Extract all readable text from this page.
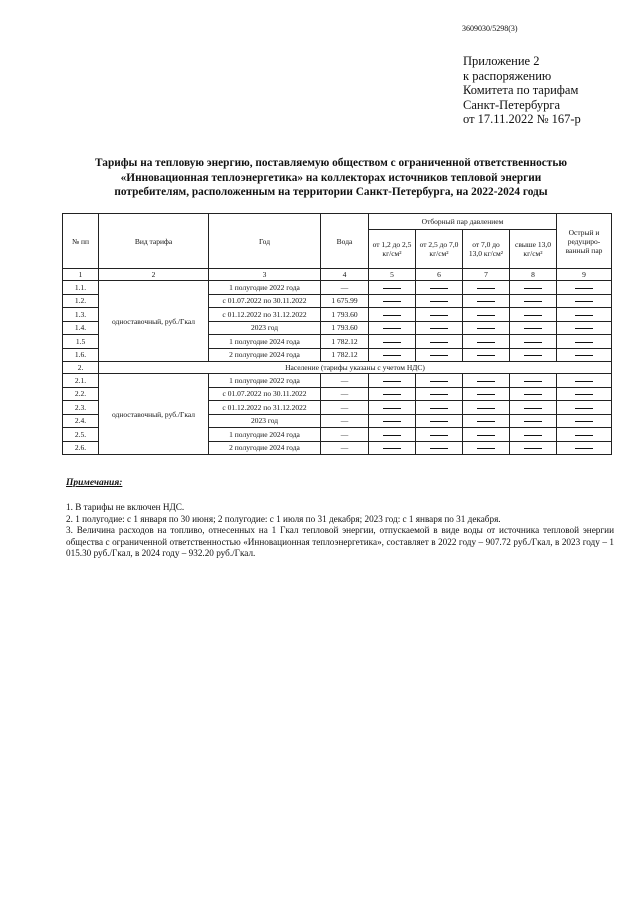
3609030/5298(3)
Приложение 2
к распоряжению
Комитета по тарифам
Санкт-Петербурга
от 17.11.2022 № 167-р
Тарифы на тепловую энергию, поставляемую обществом с ограниченной ответственностью
«Инновационная теплоэнергетика» на коллекторах источников тепловой энергии
потребителям, расположенным на территории Санкт-Петербурга, на 2022-2024 годы
№ пп	Вид тарифа	Год	Вода	Отборный пар давлением				Острый и редуциро-ванный пар
				от 1,2 до 2,5 кг/см²	от 2,5 до 7,0 кг/см²	от 7,0 до 13,0 кг/см²	свыше 13,0 кг/см²	
1	2	3	4	5	6	7	8	9
1.1.	одноставочный, руб./Гкал	1 полугодие 2022 года	—					
1.2.		с 01.07.2022 по 30.11.2022	1 675.99					
1.3.		с 01.12.2022 по 31.12.2022	1 793.60					
1.4.		2023 год	1 793.60					
1.5		1 полугодие 2024 года	1 782.12					
1.6.		2 полугодие 2024 года	1 782.12					
2.	Население (тарифы указаны с учетом НДС)							
2.1.	одноставочный, руб./Гкал	1 полугодие 2022 года	—					
2.2.		с 01.07.2022 по 30.11.2022	—					
2.3.		с 01.12.2022 по 31.12.2022	—					
2.4.		2023 год	—					
2.5.		1 полугодие 2024 года	—					
2.6.		2 полугодие 2024 года	—					
Примечания:

1. В тарифы не включен НДС.

2. 1 полугодие: с 1 января по 30 июня; 2 полугодие: с 1 июля по 31 декабря; 2023 год: с 1 января по 31 декабря.

3. Величина расходов на топливо, отнесенных на 1 Гкал тепловой энергии, отпускаемой в виде воды от источника тепловой энергии общества с ограниченной ответственностью «Инновационная теплоэнергетика», составляет в 2022 году – 907.72 руб./Гкал, в 2023 году – 1 015.30 руб./Гкал, в 2024 году – 932.20 руб./Гкал.
